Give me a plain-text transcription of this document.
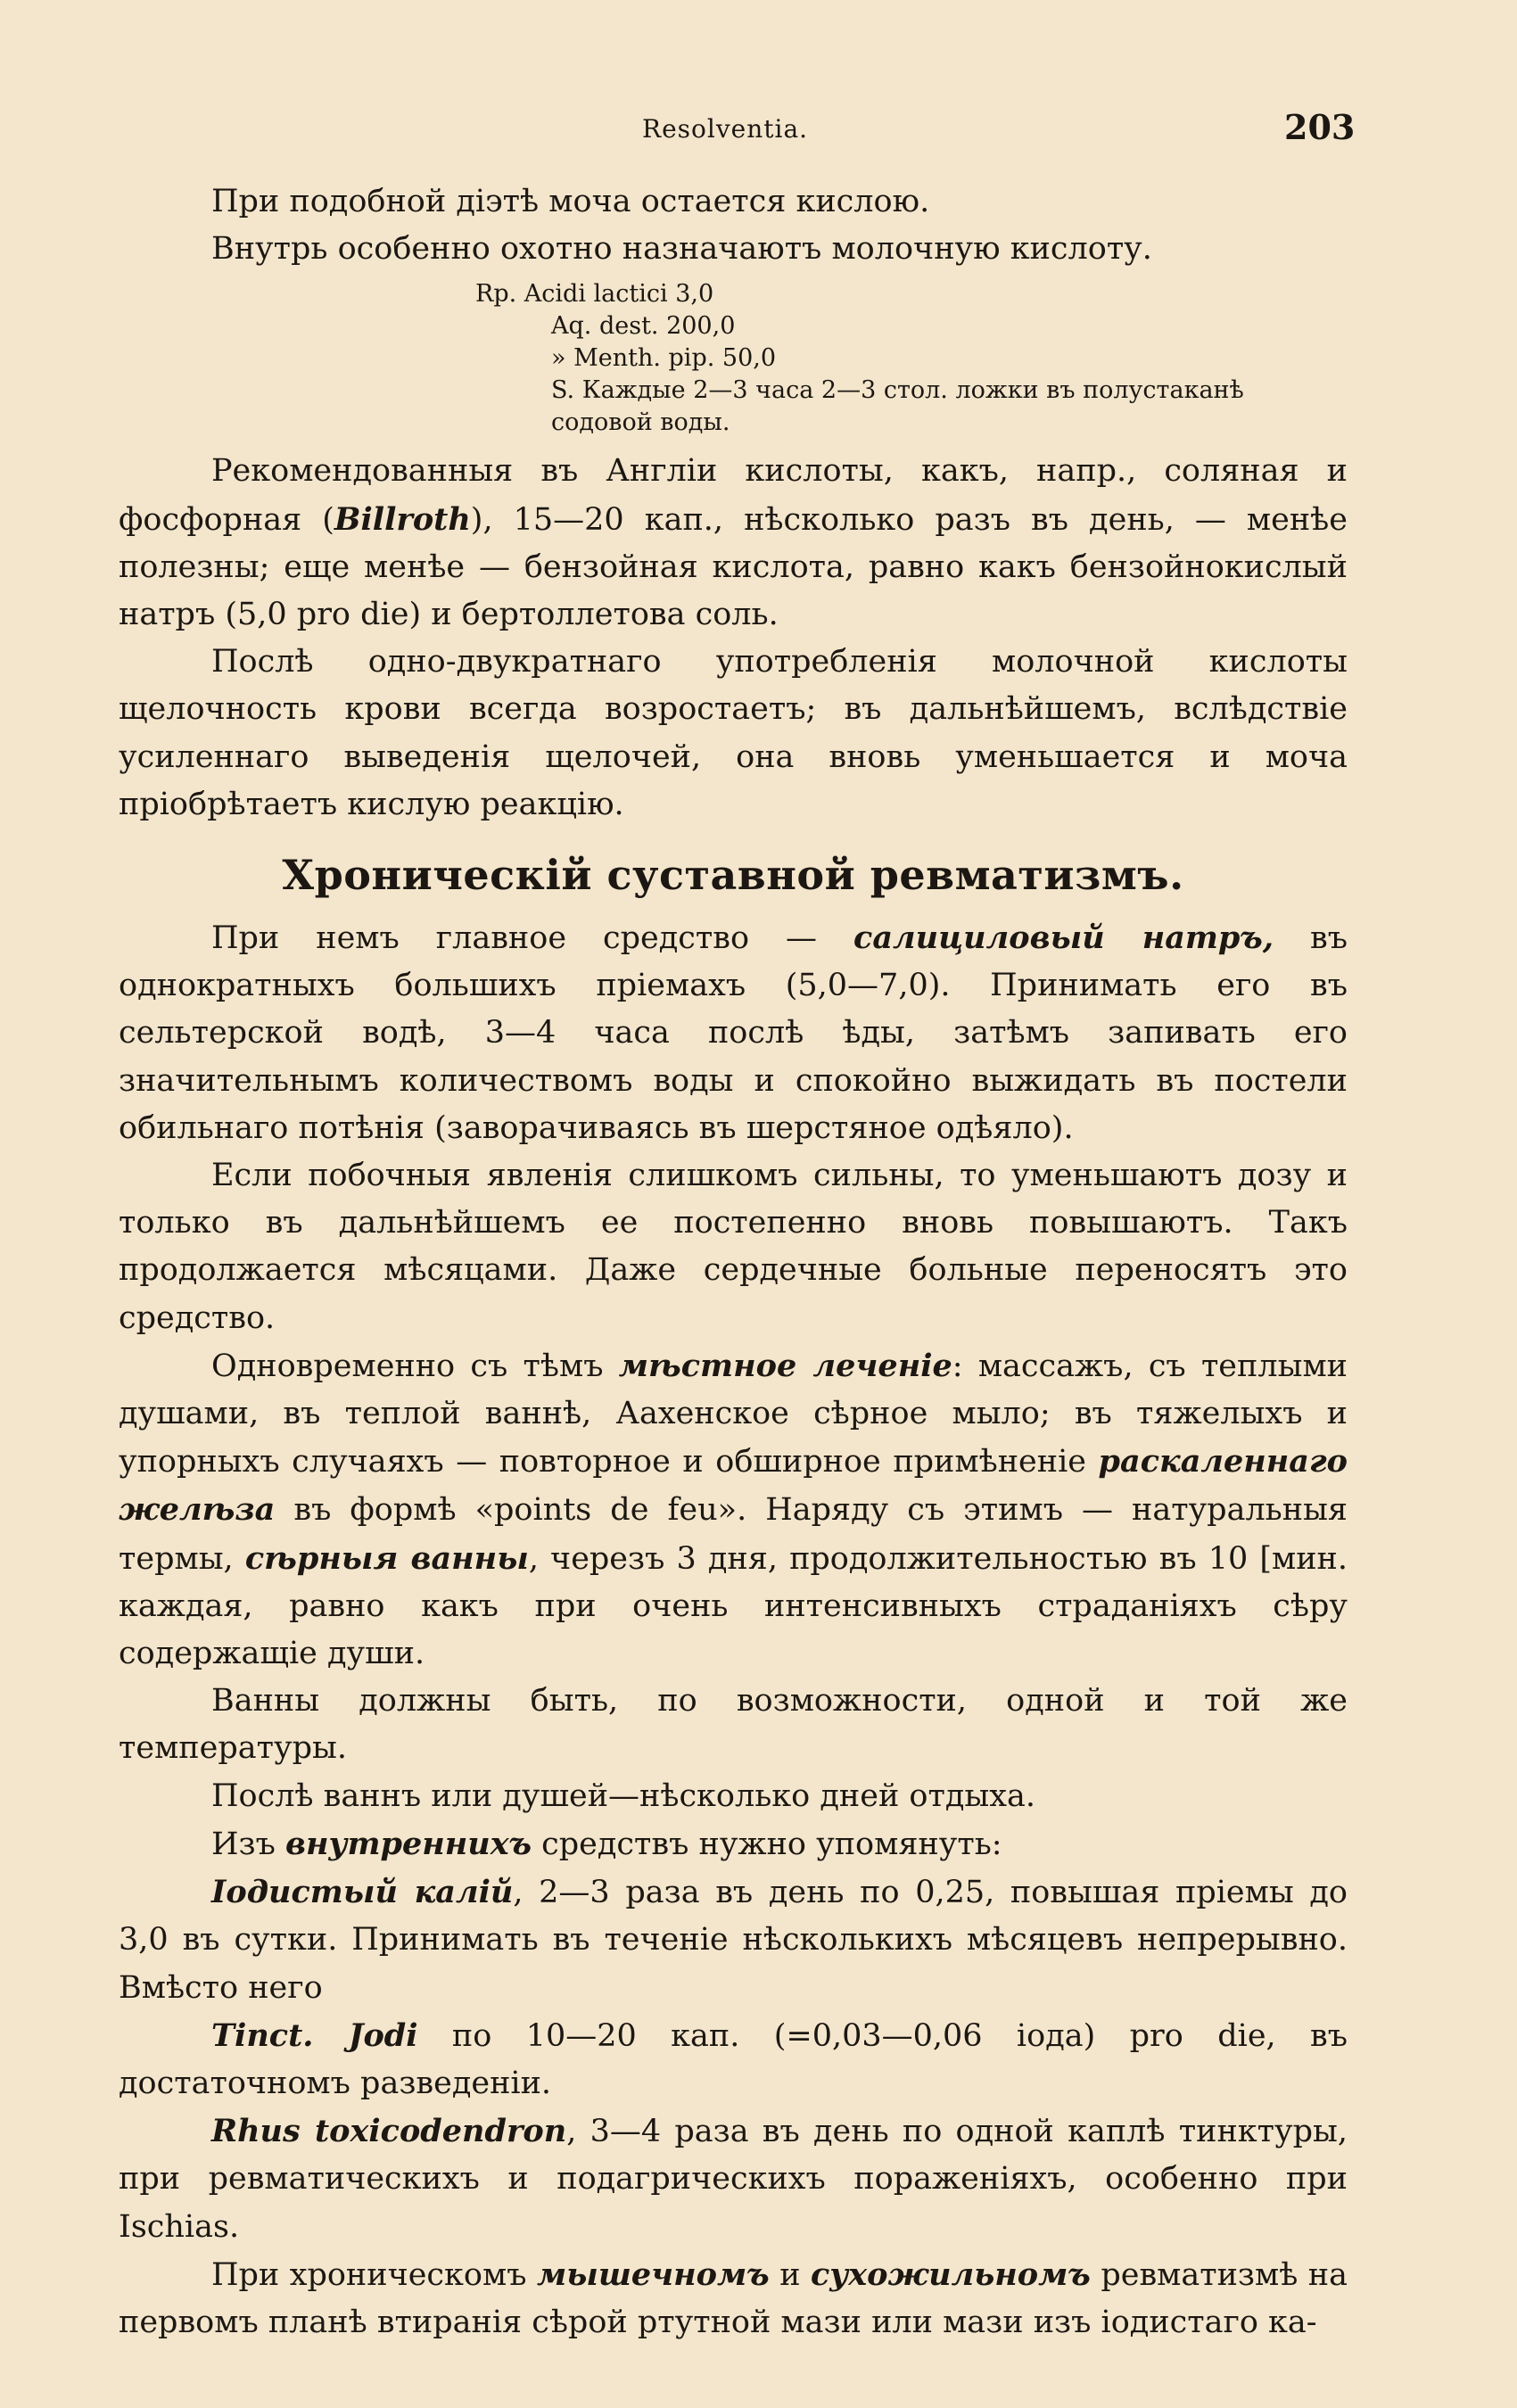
Resolventia.	203

При подобной діэтѣ моча остается кислою.

Внутрь особенно охотно назначаютъ молочную кислоту.

Rp. Acidi lactici 3,0
Aq. dest. 200,0
» Menth. pip. 50,0
S. Каждые 2—3 часа 2—3 стол. ложки въ полустаканѣ
содовой воды.

Рекомендованныя въ Англіи кислоты, какъ, напр., соляная и фосфорная (Billroth), 15—20 кап., нѣсколько разъ въ день, — менѣе полезны; еще менѣе — бензойная кислота, равно какъ бензойнокислый натръ (5,0 pro die) и бертоллетова соль.

Послѣ одно-двукратнаго употребленія молочной кислоты щелочность крови всегда возростаетъ; въ дальнѣйшемъ, вслѣдствіе усиленнаго выведенія щелочей, она вновь уменьшается и моча пріобрѣтаетъ кислую реакцію.

Хроническій суставной ревматизмъ.

При немъ главное средство — салициловый натръ, въ однократныхъ большихъ пріемахъ (5,0—7,0). Принимать его въ сельтерской водѣ, 3—4 часа послѣ ѣды, затѣмъ запивать его значительнымъ количествомъ воды и спокойно выжидать въ постели обильнаго потѣнія (заворачиваясь въ шерстяное одѣяло).

Если побочныя явленія слишкомъ сильны, то уменьшаютъ дозу и только въ дальнѣйшемъ ее постепенно вновь повышаютъ. Такъ продолжается мѣсяцами. Даже сердечные больные переносятъ это средство.

Одновременно съ тѣмъ мѣстное леченіе: массажъ, съ теплыми душами, въ теплой ваннѣ, Аахенское сѣрное мыло; въ тяжелыхъ и упорныхъ случаяхъ — повторное и обширное примѣненіе раскаленнаго желѣза въ формѣ «points de feu». Наряду съ этимъ — натуральныя термы, сѣрныя ванны, черезъ 3 дня, продолжительностью въ 10 [мин. каждая, равно какъ при очень интенсивныхъ страданіяхъ сѣру содержащіе души.

Ванны должны быть, по возможности, одной и той же температуры.

Послѣ ваннъ или душей—нѣсколько дней отдыха.

Изъ внутреннихъ средствъ нужно упомянуть:

Іодистый калій, 2—3 раза въ день по 0,25, повышая пріемы до 3,0 въ сутки. Принимать въ теченіе нѣсколькихъ мѣсяцевъ непрерывно. Вмѣсто него

Tinct. Jodi по 10—20 кап. (=0,03—0,06 іода) pro die, въ достаточномъ разведеніи.

Rhus toxicodendron, 3—4 раза въ день по одной каплѣ тинктуры, при ревматическихъ и подагрическихъ пораженіяхъ, особенно при Ischias.

При хроническомъ мышечномъ и сухожильномъ ревматизмѣ на первомъ планѣ втиранія сѣрой ртутной мази или мази изъ іодистаго ка-
